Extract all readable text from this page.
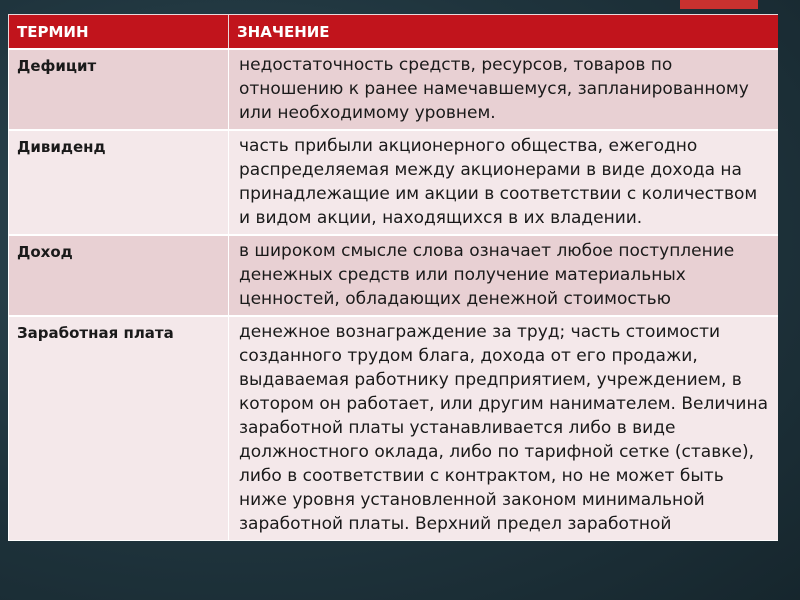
ТЕРМИН	ЗНАЧЕНИЕ
Дефицит	недостаточность средств, ресурсов, товаров по отношению к ранее намечавшемуся, запланированному или необходимому уровнем.
Дивиденд	часть прибыли акционерного общества, ежегодно распределяемая между акционерами в виде дохода на принадлежащие им акции в соответствии с количеством и видом акции, находящихся в их владении.
Доход	в широком смысле слова означает любое поступление денежных средств или получение материальных ценностей, обладающих денежной стоимостью
Заработная плата	денежное вознаграждение за труд; часть стоимости созданного трудом блага, дохода от его продажи, выдаваемая работнику предприятием, учреждением, в котором он работает, или другим нанимателем. Величина заработной платы устанавливается либо в виде должностного оклада, либо по тарифной сетке (ставке), либо в соответствии с контрактом, но не может быть ниже уровня установленной законом минимальной заработной платы. Верхний предел заработной
